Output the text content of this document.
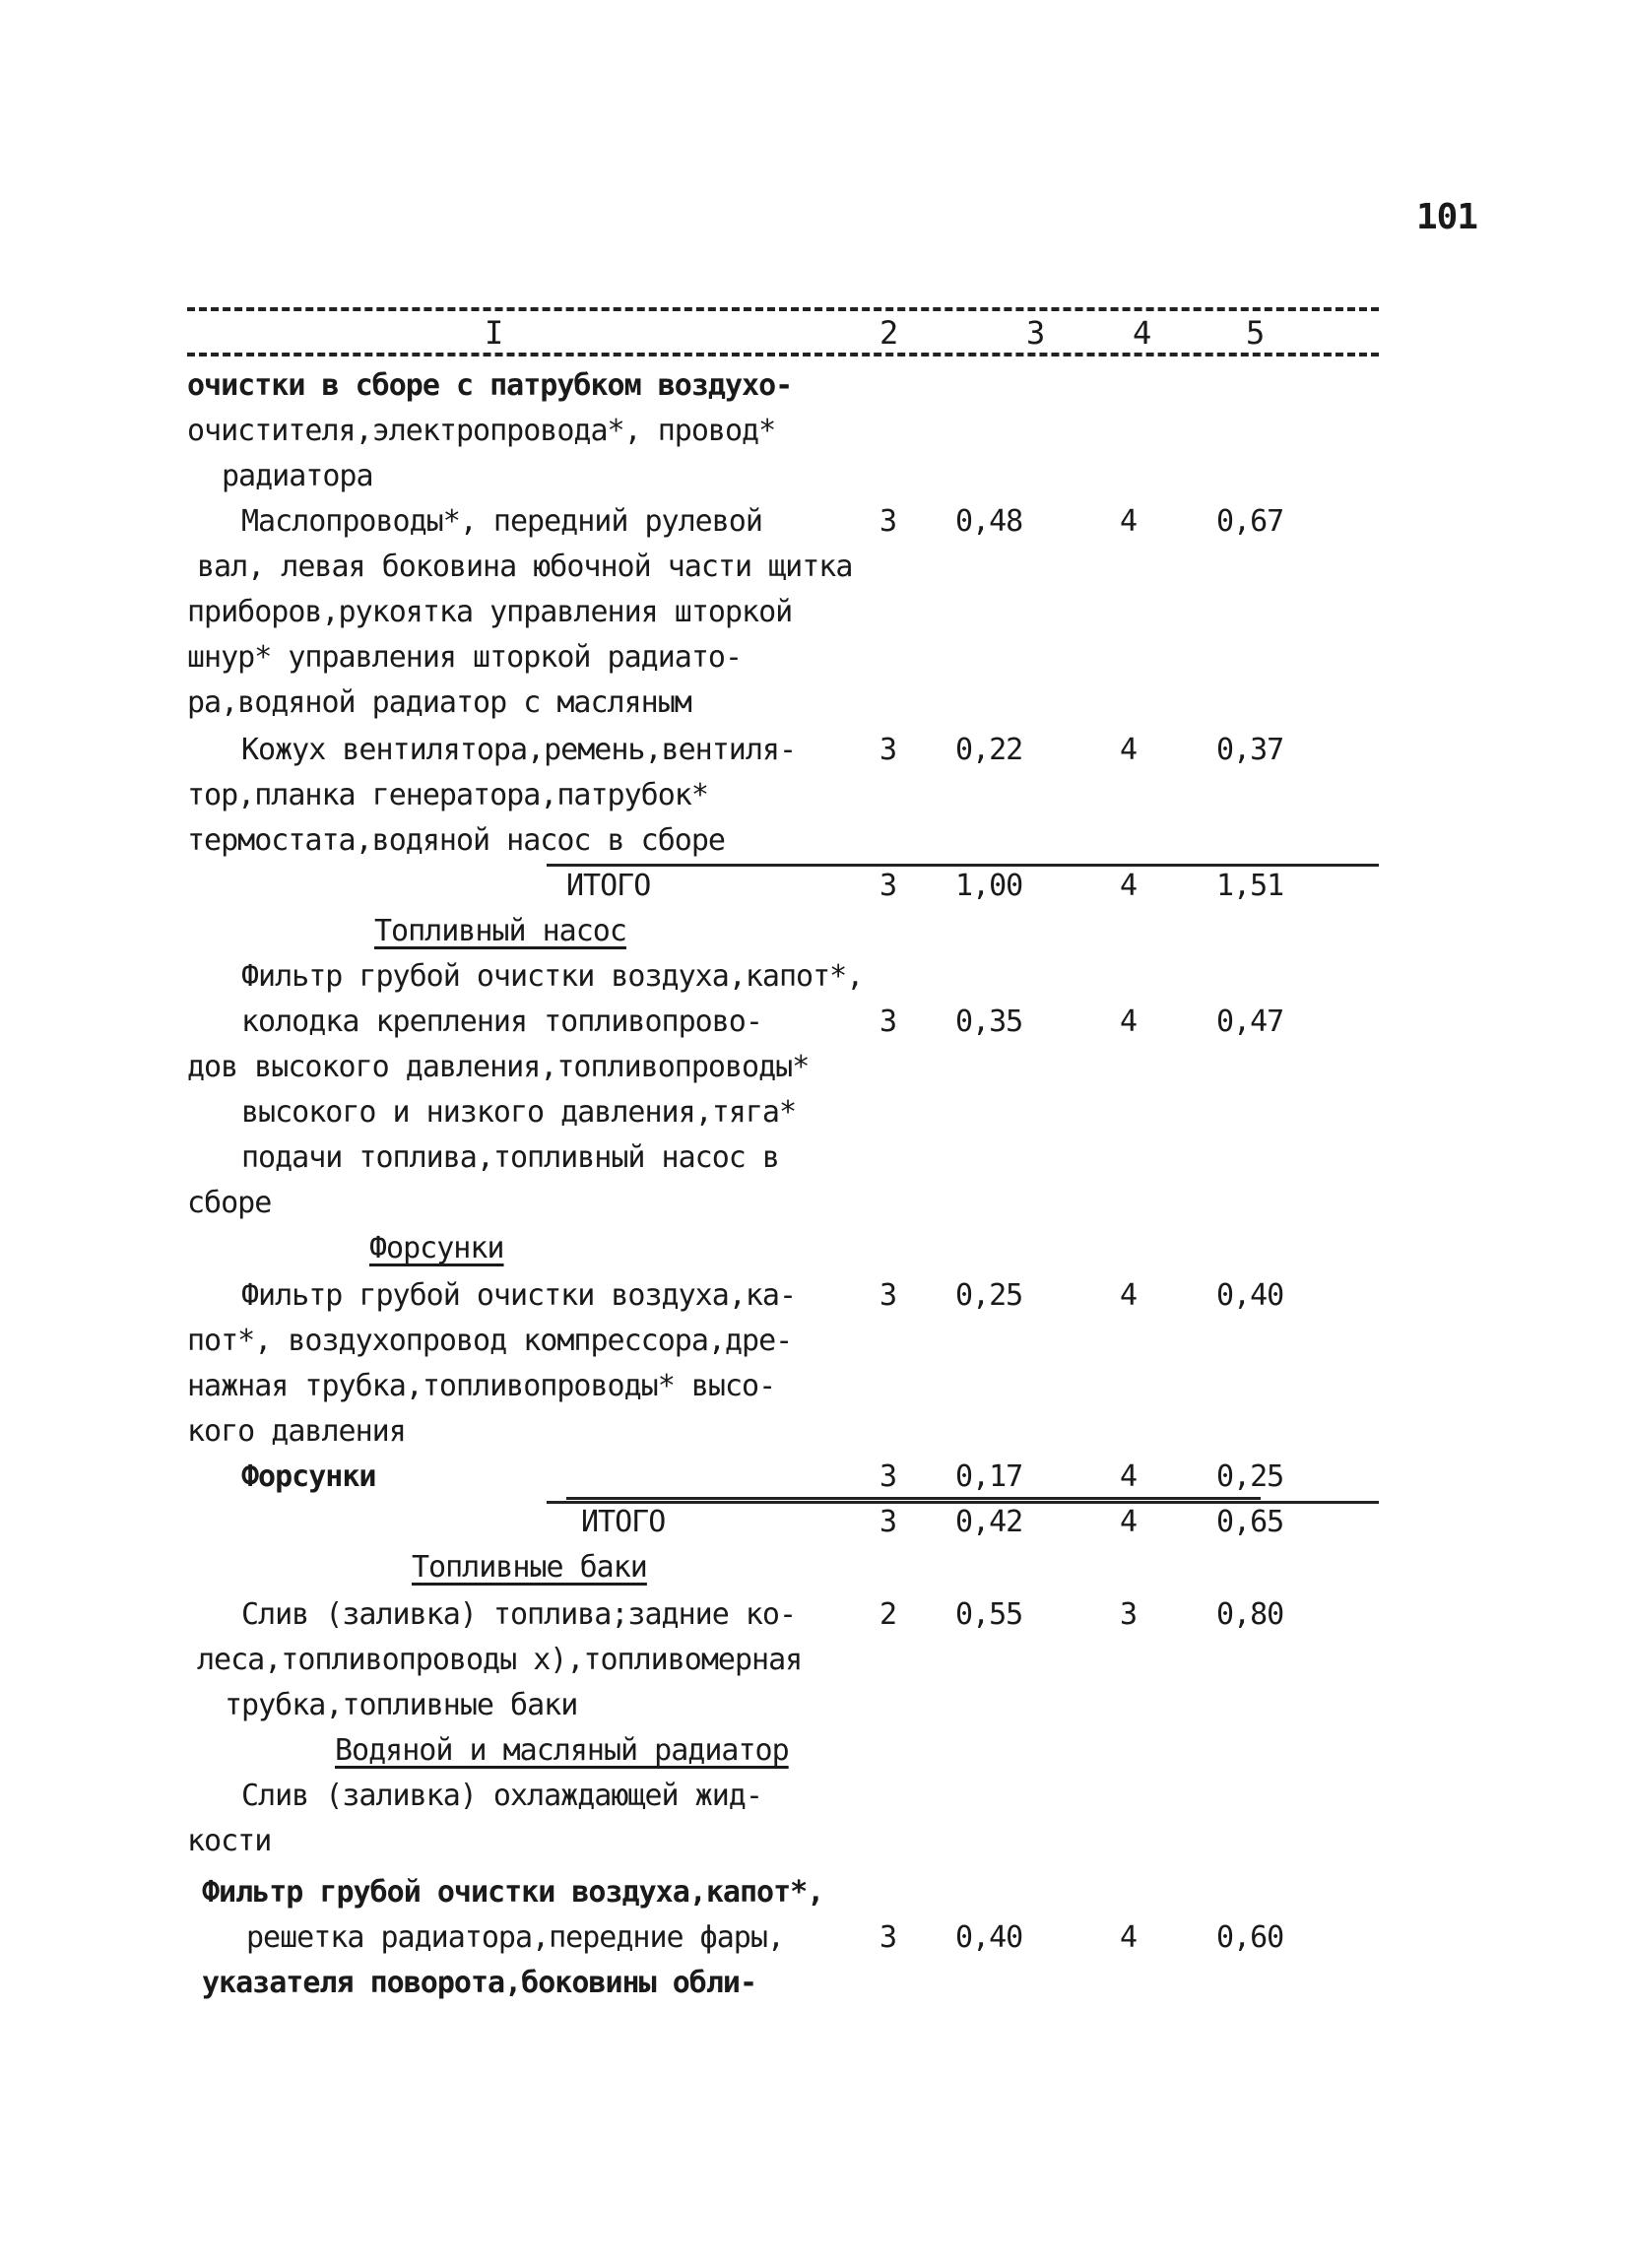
101
I	2	3	4	5
очистки в сборе с патрубком воздухо-
очистителя,электропровода*, провод*
радиатора
Маслопроводы*, передний рулевой	3 0,48	4	0,67
вал, левая боковина юбочной части щитка
приборов,рукоятка управления шторкой
шнур* управления шторкой радиато-
ра,водяной радиатор с масляным
Кожух вентилятора,ремень,вентиля-	3 0,22	4	0,37
тор,планка генератора,патрубок*
термостата,водяной насос в сборе
ИТОГО	3 1,00	4	1,51
Топливный насос
Фильтр грубой очистки воздуха,капот*,
колодка крепления топливопрово-	3 0,35	4	0,47
дов высокого давления,топливопроводы*
высокого и низкого давления,тяга*
подачи топлива,топливный насос в
сборе
Форсунки
Фильтр грубой очистки воздуха,ка-	3 0,25	4	0,40
пот*, воздухопровод компрессора,дре-
нажная трубка,топливопроводы* высо-
кого давления
Форсунки	3 0,17	4	0,25
ИТОГО	3 0,42	4	0,65
Топливные баки
Слив (заливка) топлива;задние ко-	2 0,55	3	0,80
леса,топливопроводы х),топливомерная
трубка,топливные баки
Водяной и масляный радиатор
Слив (заливка) охлаждающей жид-
кости
Фильтр грубой очистки воздуха,капот*,
решетка радиатора,передние фары,	3 0,40	4	0,60
указателя поворота,боковины обли-
